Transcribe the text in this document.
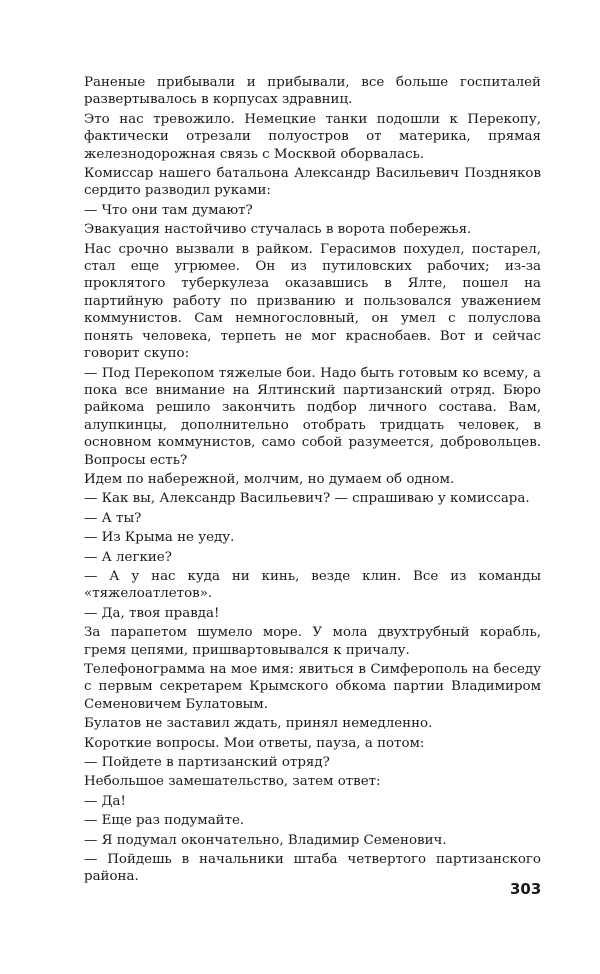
Раненые прибывали и прибывали, все больше госпиталей развертывалось в корпусах здравниц.

Это нас тревожило. Немецкие танки подошли к Перекопу, фактически отрезали полуостров от материка, прямая железнодорожная связь с Москвой оборвалась.

Комиссар нашего батальона Александр Васильевич Поздняков сердито разводил руками:

— Что они там думают?

Эвакуация настойчиво стучалась в ворота побережья.

Нас срочно вызвали в райком. Герасимов похудел, постарел, стал еще угрюмее. Он из путиловских рабочих; из-за проклятого туберкулеза оказавшись в Ялте, пошел на партийную работу по призванию и пользовался уважением коммунистов. Сам немногословный, он умел с полуслова понять человека, терпеть не мог краснобаев. Вот и сейчас говорит скупо:

— Под Перекопом тяжелые бои. Надо быть готовым ко всему, а пока все внимание на Ялтинский партизанский отряд. Бюро райкома решило закончить подбор личного состава. Вам, алупкинцы, дополнительно отобрать тридцать человек, в основном коммунистов, само собой разумеется, добровольцев. Вопросы есть?

Идем по набережной, молчим, но думаем об одном.

— Как вы, Александр Васильевич? — спрашиваю у комиссара.

— А ты?

— Из Крыма не уеду.

— А легкие?

— А у нас куда ни кинь, везде клин. Все из команды «тяжелоатлетов».

— Да, твоя правда!

За парапетом шумело море. У мола двухтрубный корабль, гремя цепями, пришвартовывался к причалу.

Телефонограмма на мое имя: явиться в Симферополь на беседу с первым секретарем Крымского обкома партии Владимиром Семеновичем Булатовым.

Булатов не заставил ждать, принял немедленно.

Короткие вопросы. Мои ответы, пауза, а потом:

— Пойдете в партизанский отряд?

Небольшое замешательство, затем ответ:

— Да!

— Еще раз подумайте.

— Я подумал окончательно, Владимир Семенович.

— Пойдешь в начальники штаба четвертого партизанского района.

303
